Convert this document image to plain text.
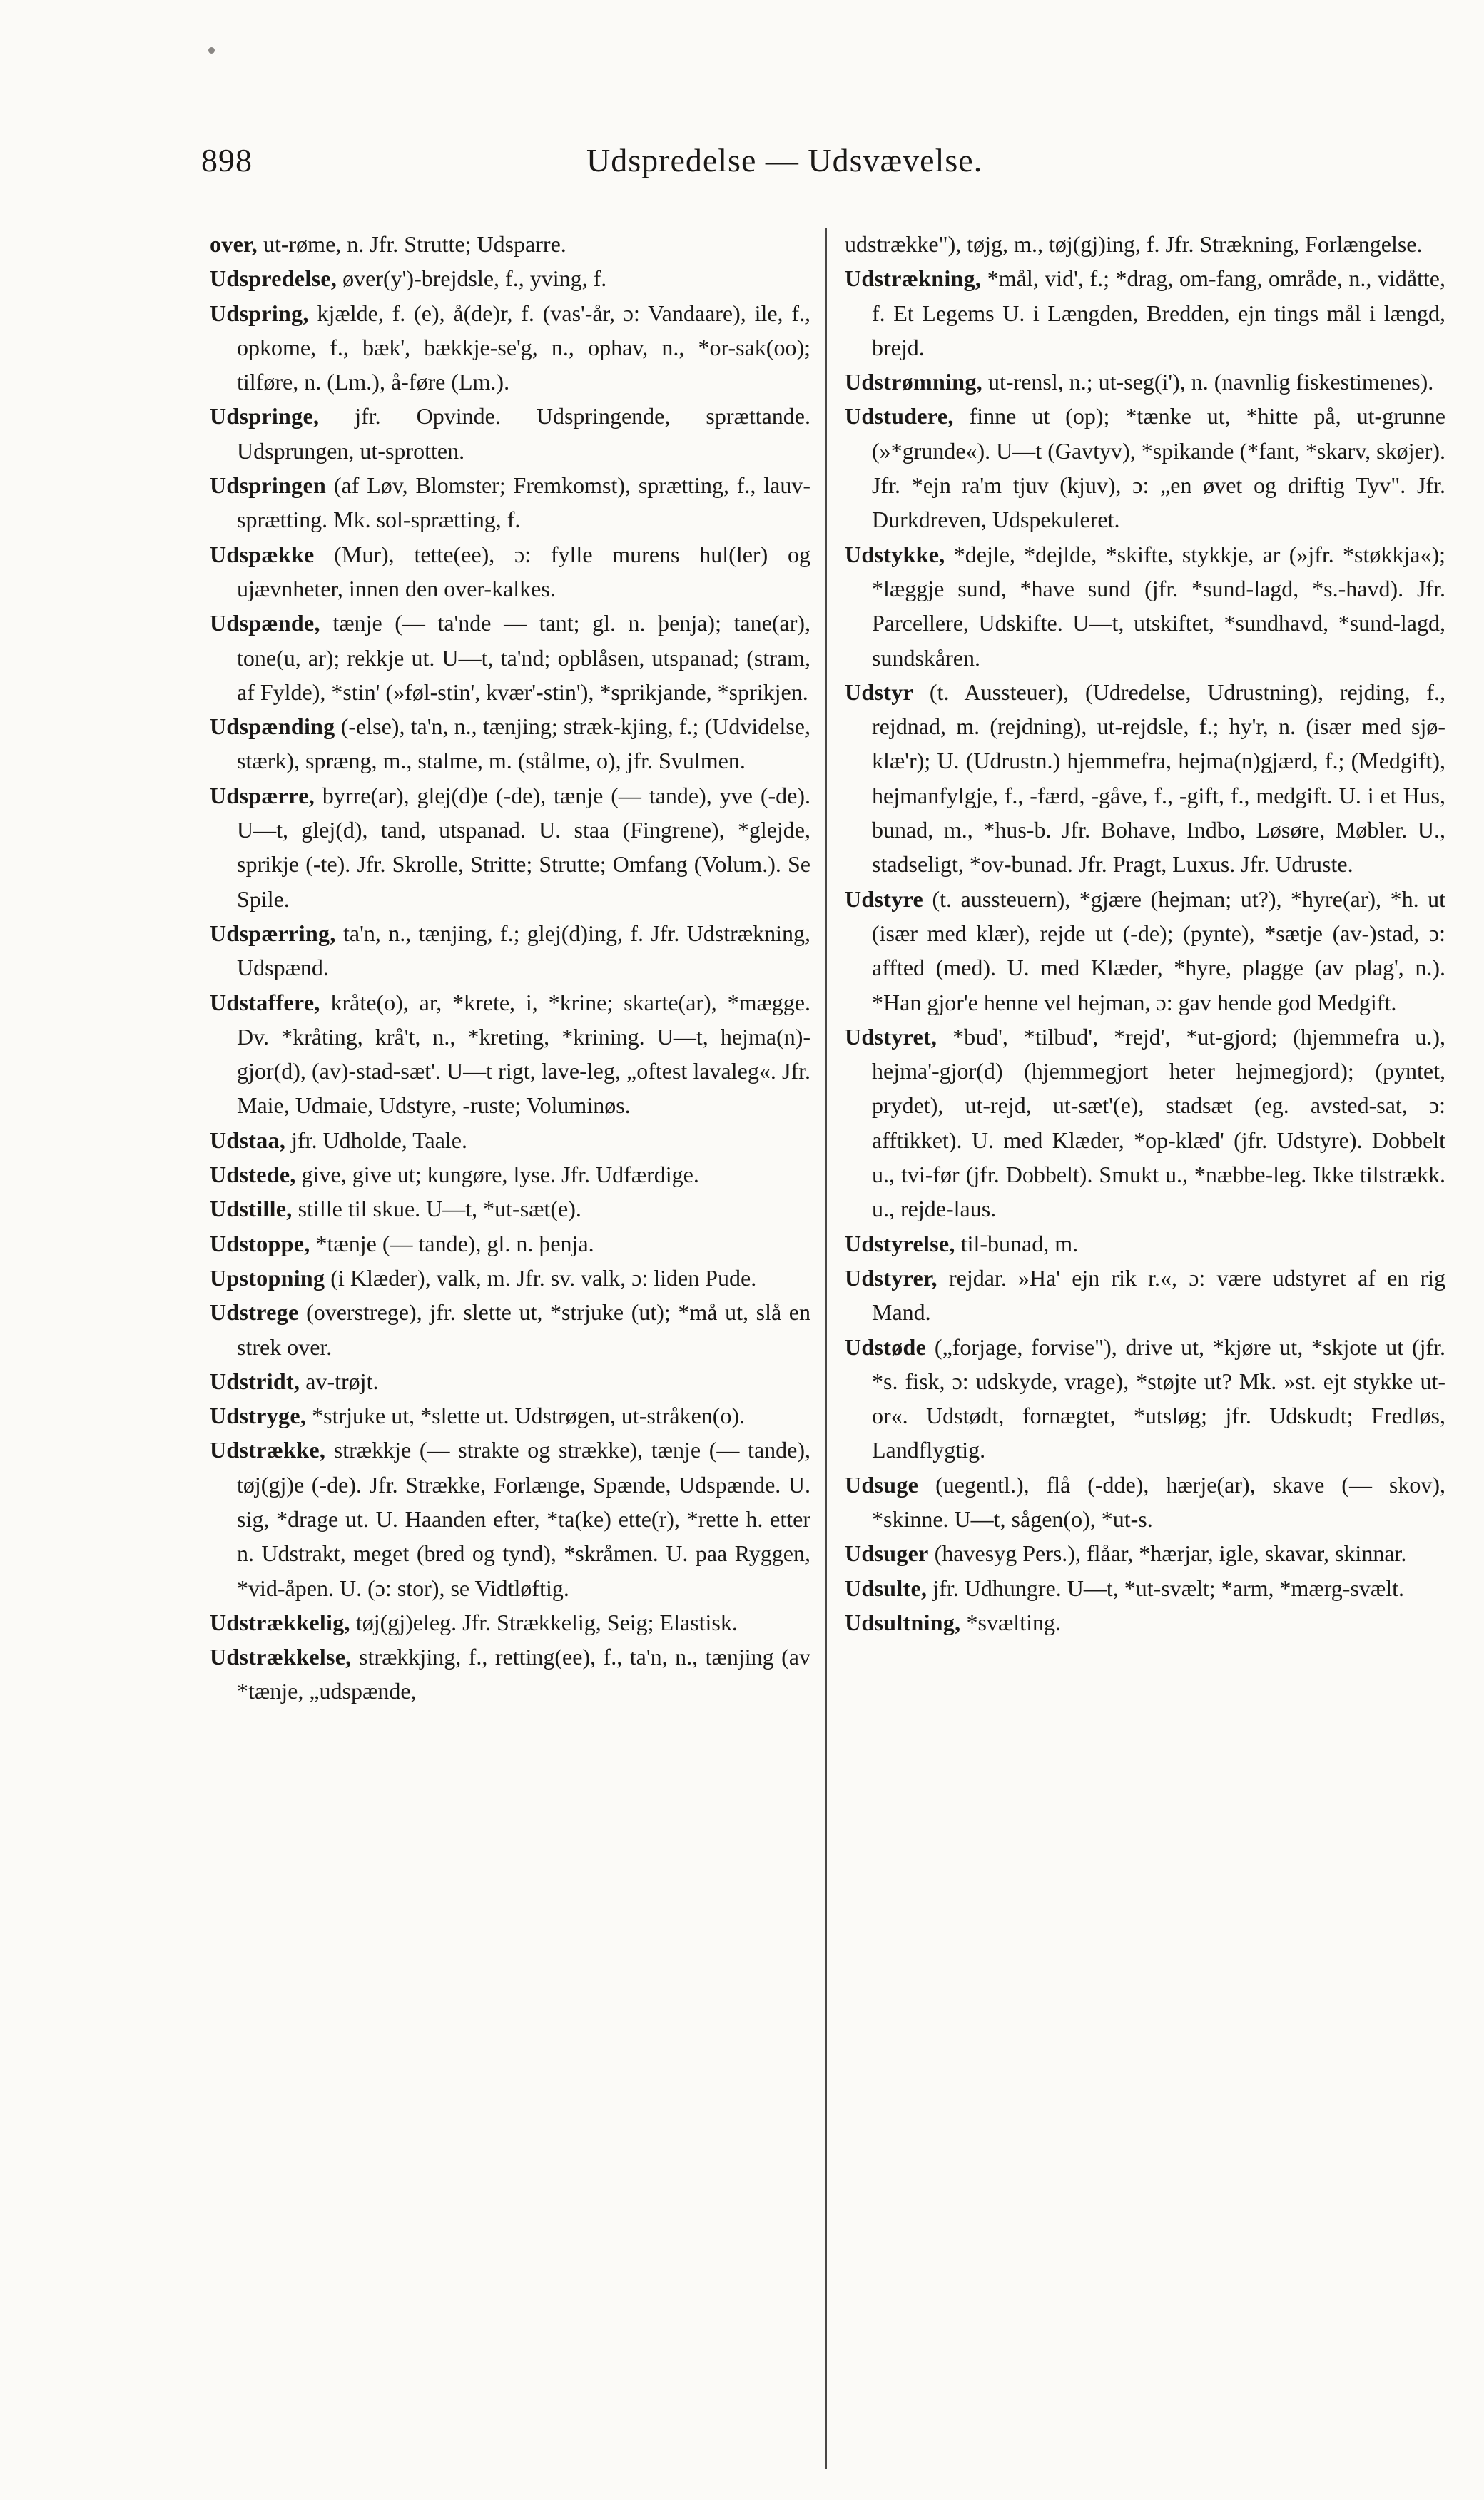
898	Udspredelse — Udsvævelse.

over, ut-rømе, n. Jfr. Strutte; Udsparre.

Udspredelse, øver(y')-brejdsle, f., yving, f.

Udspring, kjælde, f. (e), å(de)r, f. (vas'-år, ɔ: Vandaare), ile, f., opkome, f., bæk', bækkje-se'g, n., ophav, n., *or-sak(oo); tilføre, n. (Lm.), å-føre (Lm.).

Udspringe, jfr. Opvinde. Udspringende, sprættande. Udsprungen, ut-sprotten.

Udspringen (af Løv, Blomster; Fremkomst), sprætting, f., lauv-sprætting. Mk. sol-sprætting, f.

Udspække (Mur), tette(ee), ɔ: fylle murens hul(ler) og ujævnheter, innen den over-kalkes.

Udspænde, tænje (— ta'nde — tant; gl. n. þenja); tane(ar), tone(u, ar); rekkje ut. U—t, ta'nd; opblåsen, utspanad; (stram, af Fylde), *stin' (»føl-stin', kvær'-stin'), *sprikjande, *sprikjen.

Udspænding (-else), ta'n, n., tænjing; stræk-kjing, f.; (Udvidelse, stærk), spræng, m., stalme, m. (stålme, o), jfr. Svulmen.

Udspærre, byrre(ar), glej(d)e (-de), tænje (— tande), yve (-de). U—t, glej(d), tand, utspanad. U. staa (Fingrene), *glejde, sprikje (-te). Jfr. Skrolle, Stritte; Strutte; Omfang (Volum.). Se Spile.

Udspærring, ta'n, n., tænjing, f.; glej(d)ing, f. Jfr. Udstrækning, Udspænd.

Udstaffere, kråte(o), ar, *krete, i, *krine; skarte(ar), *mægge. Dv. *kråting, krå't, n., *kreting, *krining. U—t, hejma(n)-gjor(d), (av)-stad-sæt'. U—t rigt, lave-leg, „oftest lavaleg«. Jfr. Maie, Udmaie, Udstyre, -ruste; Voluminøs.

Udstaa, jfr. Udholde, Taale.

Udstede, give, give ut; kungøre, lyse. Jfr. Udfærdige.

Udstille, stille til skue. U—t, *ut-sæt(e).

Udstoppe, *tænje (— tande), gl. n. þenja.

Upstopning (i Klæder), valk, m. Jfr. sv. valk, ɔ: liden Pude.

Udstrege (overstrege), jfr. slette ut, *strjuke (ut); *må ut, slå en strek over.

Udstridt, av-trøjt.

Udstryge, *strjuke ut, *slette ut. Udstrøgen, ut-stråken(o).

Udstrække, strækkje (— strakte og strække), tænje (— tande), tøj(gj)e (-de). Jfr. Strække, Forlænge, Spænde, Udspænde. U. sig, *drage ut. U. Haanden efter, *ta(ke) ette(r), *rette h. etter n. Udstrakt, meget (bred og tynd), *skråmen. U. paa Ryggen, *vid-åpen. U. (ɔ: stor), se Vidtløftig.

Udstrækkelig, tøj(gj)eleg. Jfr. Strækkelig, Seig; Elastisk.

Udstrækkelse, strækkjing, f., retting(ee), f., ta'n, n., tænjing (av *tænje, „udspænde,

udstrække"), tøjg, m., tøj(gj)ing, f. Jfr. Strækning, Forlængelse.

Udstrækning, *mål, vid', f.; *drag, om-fang, område, n., vidåtte, f. Et Legems U. i Længden, Bredden, ejn tings mål i længd, brejd.

Udstrømning, ut-rensl, n.; ut-seg(i'), n. (navnlig fiskestimenes).

Udstudere, finne ut (op); *tænke ut, *hitte på, ut-grunne (»*grunde«). U—t (Gavtyv), *spikande (*fant, *skarv, skøjer). Jfr. *ejn ra'm tjuv (kjuv), ɔ: „en øvet og driftig Tyv". Jfr. Durkdreven, Udspekuleret.

Udstykke, *dejle, *dejlde, *skifte, stykkje, ar (»jfr. *støkkja«); *læggje sund, *have sund (jfr. *sund-lagd, *s.-havd). Jfr. Parcellere, Udskifte. U—t, utskiftet, *sundhavd, *sund-lagd, sundskåren.

Udstyr (t. Aussteuer), (Udredelse, Udrustning), rejding, f., rejdnad, m. (rejdning), ut-rejdsle, f.; hy'r, n. (især med sjø-klæ'r); U. (Udrustn.) hjemmefra, hejma(n)gjærd, f.; (Medgift), hejmanfylgje, f., -færd, -gåve, f., -gift, f., medgift. U. i et Hus, bunad, m., *hus-b. Jfr. Bohave, Indbo, Løsøre, Møbler. U., stadseligt, *ov-bunad. Jfr. Pragt, Luxus. Jfr. Udruste.

Udstyre (t. aussteuern), *gjære (hejman; ut?), *hyre(ar), *h. ut (især med klær), rejde ut (-de); (pynte), *sætje (av-)stad, ɔ: affted (med). U. med Klæder, *hyre, plagge (av plag', n.). *Han gjor'e henne vel hejman, ɔ: gav hende god Medgift.

Udstyret, *bud', *tilbud', *rejd', *ut-gjord; (hjemmefra u.), hejma'-gjor(d) (hjemmegjort heter hejmegjord); (pyntet, prydet), ut-rejd, ut-sæt'(e), stadsæt (eg. avsted-sat, ɔ: afftikket). U. med Klæder, *op-klæd' (jfr. Udstyre). Dobbelt u., tvi-før (jfr. Dobbelt). Smukt u., *næbbe-leg. Ikke tilstrækk. u., rejde-laus.

Udstyrelse, til-bunad, m.

Udstyrer, rejdar. »Ha' ejn rik r.«, ɔ: være udstyret af en rig Mand.

Udstøde („forjage, forvise"), drive ut, *kjøre ut, *skjote ut (jfr. *s. fisk, ɔ: udskyde, vrage), *støjte ut? Mk. »st. ejt stykke ut-or«. Udstødt, fornægtet, *utsløg; jfr. Udskudt; Fredløs, Landflygtig.

Udsuge (uegentl.), flå (-dde), hærje(ar), skave (— skov), *skinne. U—t, sågen(o), *ut-s.

Udsuger (havesyg Pers.), flåar, *hærjar, igle, skavar, skinnar.

Udsulte, jfr. Udhungre. U—t, *ut-svælt; *arm, *mærg-svælt.

Udsultning, *svælting.
